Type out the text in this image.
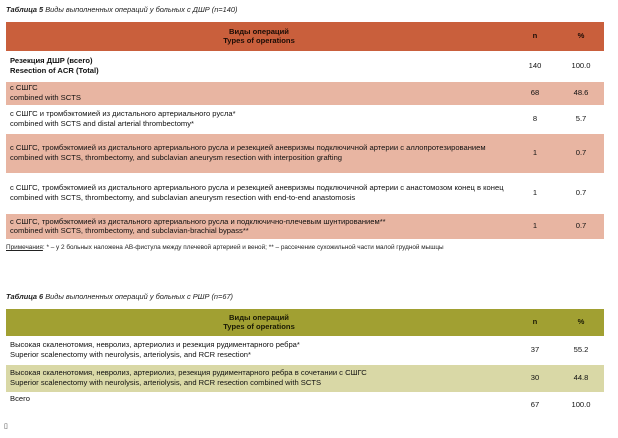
Таблица 5 Виды выполненных операций у больных с ДШР (n=140)
Виды операций
Types of operations	n	%

Резекция ДШР (всего)
Resection of ACR (Total)	140	100.0

с СШГС
combined with SCTS	68	48.6

с СШГС и тромбэктомией из дистального артериального русла*
combined with SCTS and distal arterial thrombectomy*	8	5.7

с СШГС, тромбэктомией из дистального артериального русла и резекцией аневризмы подключичной артерии с аллопротезированием
combined with SCTS, thrombectomy, and subclavian aneurysm resection with interposition grafting	1	0.7

с СШГС, тромбэктомией из дистального артериального русла и резекцией аневризмы подключичной артерии с анастомозом конец в конец
combined with SCTS, thrombectomy, and subclavian aneurysm resection with end-to-end anastomosis	1	0.7

с СШГС, тромбэктомией из дистального артериального русла и подключично-плечевым шунтированием**
combined with SCTS, thrombectomy, and subclavian-brachial bypass**	1	0.7
Примечания: * – у 2 больных наложена АВ-фистула между плечевой артерией и веной; ** – рассечение сухожильной части малой грудной мышцы
Таблица 6 Виды выполненных операций у больных с РШР (n=67)
Виды операций
Types of operations	n	%

Высокая скаленотомия, невролиз, артериолиз и резекция рудиментарного ребра*
Superior scalenectomy with neurolysis, arteriolysis, and RCR resection*	37	55.2

Высокая скаленотомия, невролиз, артериолиз, резекция рудиментарного ребра в сочетании с СШГС
Superior scalenectomy with neurolysis, arteriolysis, and RCR resection combined with SCTS	30	44.8

Всего	67	100.0
▯
